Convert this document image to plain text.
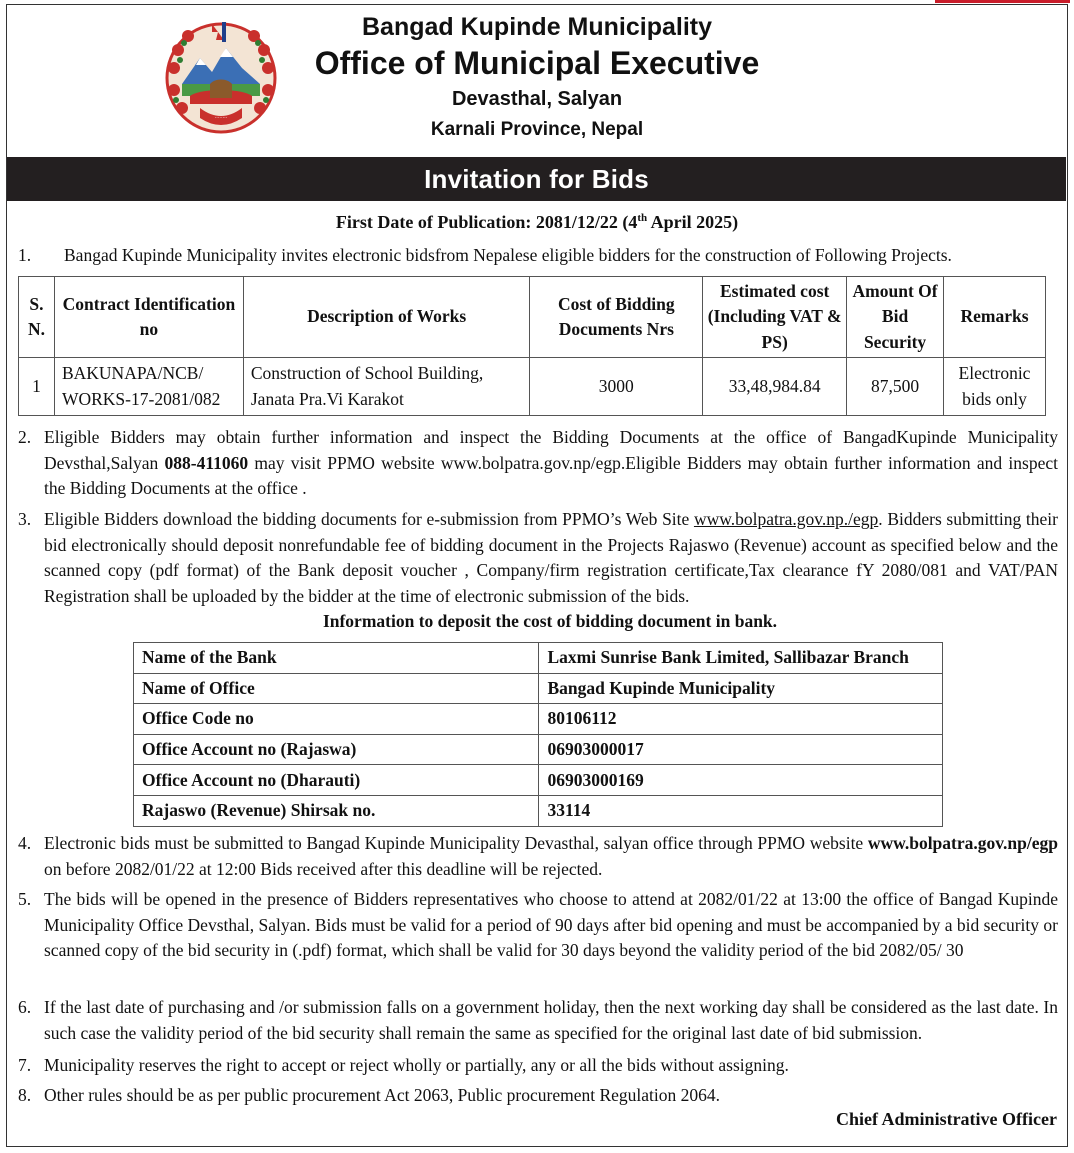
........
Bangad Kupinde Municipality
Office of Municipal Executive
Devasthal, Salyan
Karnali Province, Nepal
Invitation for Bids
First Date of Publication: 2081/12/22 (4th April 2025)
1. Bangad Kupinde Municipality invites electronic bidsfrom Nepalese eligible bidders for the construction of Following Projects.
S. N.	Contract Identification no	Description of Works	Cost of Bidding Documents Nrs	Estimated cost (Including VAT & PS)	Amount Of Bid Security	Remarks
1	BAKUNAPA/NCB/ WORKS-17-2081/082	Construction of School Building, Janata Pra.Vi Karakot	3000	33,48,984.84	87,500	Electronic bids only
2. Eligible Bidders may obtain further information and inspect the Bidding Documents at the office of BangadKupinde Municipality Devsthal,Salyan 088-411060 may visit PPMO website www.bolpatra.gov.np/egp.Eligible Bidders may obtain further information and inspect the Bidding Documents at the office .
3. Eligible Bidders download the bidding documents for e-submission from PPMO’s Web Site www.bolpatra.gov.np./egp. Bidders submitting their bid electronically should deposit nonrefundable fee of bidding document in the Projects Rajaswo (Revenue) account as specified below and the scanned copy (pdf format) of the Bank deposit voucher , Company/firm registration certificate,Tax clearance fY 2080/081 and VAT/PAN Registration shall be uploaded by the bidder at the time of electronic submission of the bids.
Information to deposit the cost of bidding document in bank.
Name of the Bank	Laxmi Sunrise Bank Limited, Sallibazar Branch
Name of Office	Bangad Kupinde Municipality
Office Code no	80106112
Office Account no (Rajaswa)	06903000017
Office Account no (Dharauti)	06903000169
Rajaswo (Revenue) Shirsak no.	33114
4. Electronic bids must be submitted to Bangad Kupinde Municipality Devasthal, salyan office through PPMO website www.bolpatra.gov.np/egp on before 2082/01/22 at 12:00 Bids received after this deadline will be rejected.
5. The bids will be opened in the presence of Bidders representatives who choose to attend at 2082/01/22 at 13:00 the office of Bangad Kupinde Municipality Office Devsthal, Salyan. Bids must be valid for a period of 90 days after bid opening and must be accompanied by a bid security or scanned copy of the bid security in (.pdf) format, which shall be valid for 30 days beyond the validity period of the bid 2082/05/ 30
6. If the last date of purchasing and /or submission falls on a government holiday, then the next working day shall be considered as the last date. In such case the validity period of the bid security shall remain the same as specified for the original last date of bid submission.
7. Municipality reserves the right to accept or reject wholly or partially, any or all the bids without assigning.
8. Other rules should be as per public procurement Act 2063, Public procurement Regulation 2064.
Chief Administrative Officer
